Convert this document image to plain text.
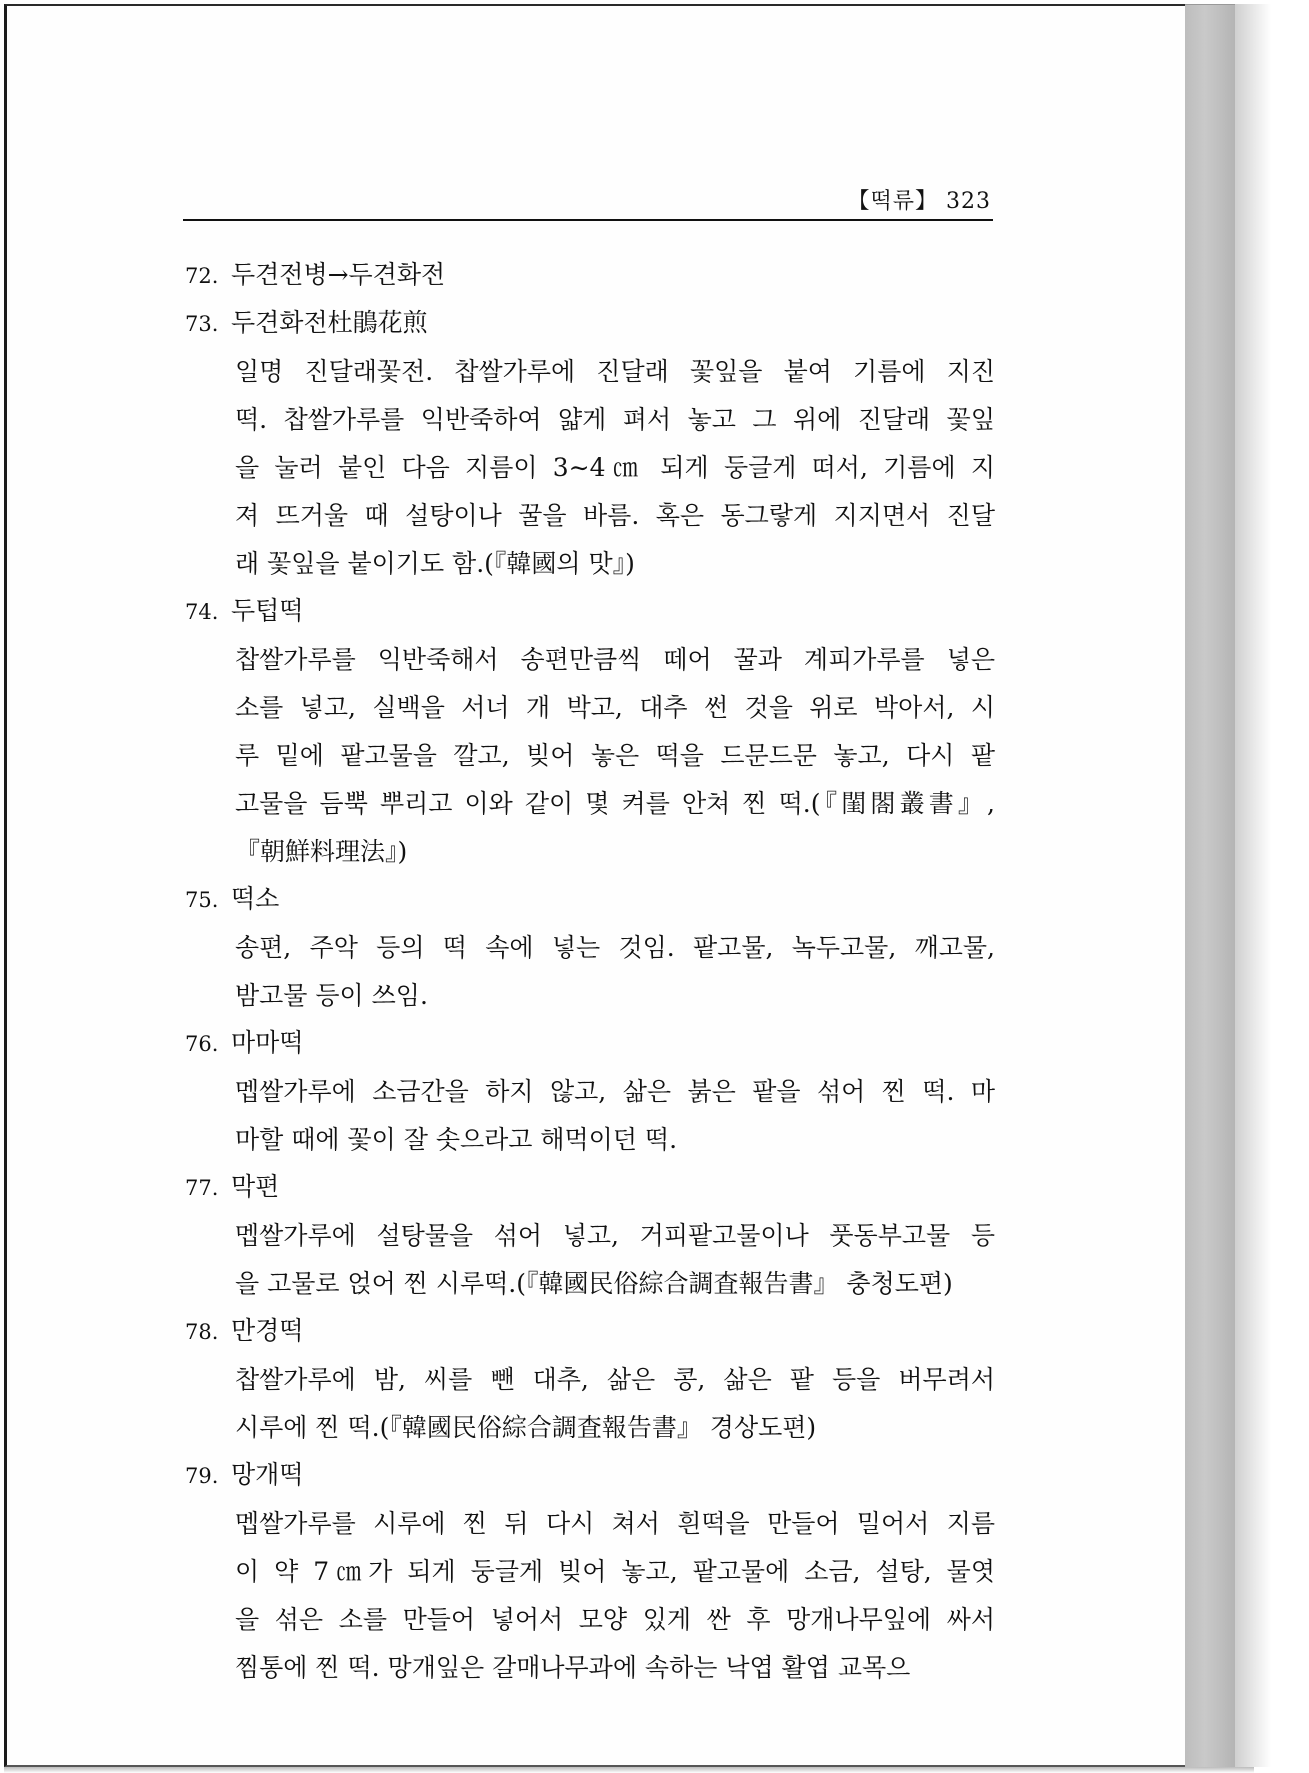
【떡류】 323
72. 두견전병→두견화전
73. 두견화전杜鵑花煎
일명 진달래꽃전. 찹쌀가루에 진달래 꽃잎을 붙여 기름에 지진
떡. 찹쌀가루를 익반죽하여 얇게 펴서 놓고 그 위에 진달래 꽃잎
을 눌러 붙인 다음 지름이 3∼4㎝ 되게 둥글게 떠서, 기름에 지
져 뜨거울 때 설탕이나 꿀을 바름. 혹은 동그랗게 지지면서 진달
래 꽃잎을 붙이기도 함.(『韓國의 맛』)
74. 두텁떡
찹쌀가루를 익반죽해서 송편만큼씩 떼어 꿀과 계피가루를 넣은
소를 넣고, 실백을 서너 개 박고, 대추 썬 것을 위로 박아서, 시
루 밑에 팥고물을 깔고, 빚어 놓은 떡을 드문드문 놓고, 다시 팥
고물을 듬뿍 뿌리고 이와 같이 몇 켜를 안쳐 찐 떡.(『閨閤叢書』,
『朝鮮料理法』)
75. 떡소
송편, 주악 등의 떡 속에 넣는 것임. 팥고물, 녹두고물, 깨고물,
밤고물 등이 쓰임.
76. 마마떡
멥쌀가루에 소금간을 하지 않고, 삶은 붉은 팥을 섞어 찐 떡. 마
마할 때에 꽃이 잘 솟으라고 해먹이던 떡.
77. 막편
멥쌀가루에 설탕물을 섞어 넣고, 거피팥고물이나 풋동부고물 등
을 고물로 얹어 찐 시루떡.(『韓國民俗綜合調査報告書』 충청도편)
78. 만경떡
찹쌀가루에 밤, 씨를 뺀 대추, 삶은 콩, 삶은 팥 등을 버무려서
시루에 찐 떡.(『韓國民俗綜合調査報告書』 경상도편)
79. 망개떡
멥쌀가루를 시루에 찐 뒤 다시 쳐서 흰떡을 만들어 밀어서 지름
이 약 7㎝가 되게 둥글게 빚어 놓고, 팥고물에 소금, 설탕, 물엿
을 섞은 소를 만들어 넣어서 모양 있게 싼 후 망개나무잎에 싸서
찜통에 찐 떡. 망개잎은 갈매나무과에 속하는 낙엽 활엽 교목으
